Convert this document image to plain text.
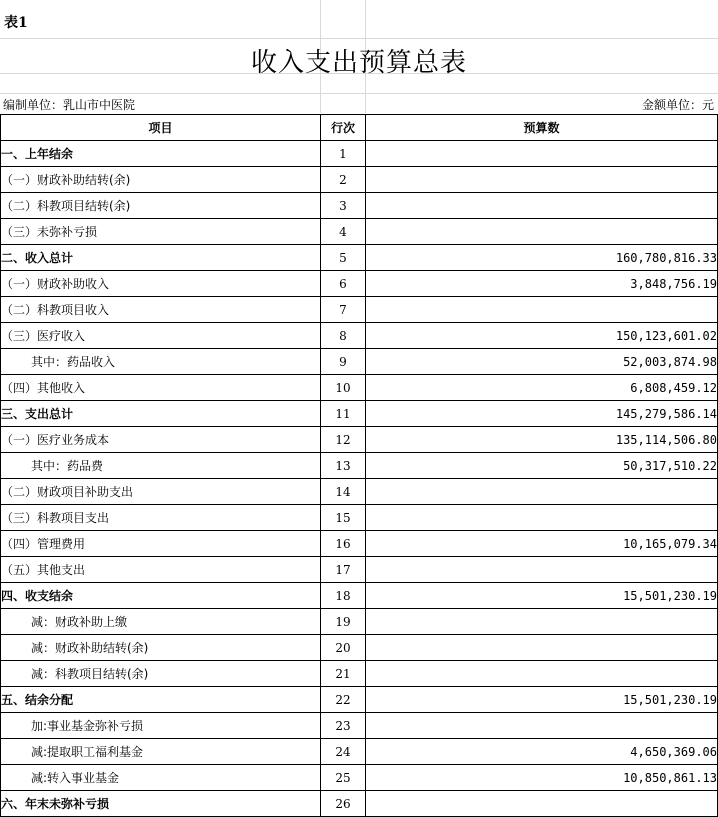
表1
收入支出预算总表
编制单位：乳山市中医院	金额单位：元
项目	行次	预算数
一、上年结余	1	
（一）财政补助结转(余)	2	
（二）科教项目结转(余)	3	
（三）未弥补亏损	4	
二、收入总计	5	160,780,816.33
（一）财政补助收入	6	3,848,756.19
（二）科教项目收入	7	
（三）医疗收入	8	150,123,601.02
其中：药品收入	9	52,003,874.98
（四）其他收入	10	6,808,459.12
三、支出总计	11	145,279,586.14
（一）医疗业务成本	12	135,114,506.80
其中：药品费	13	50,317,510.22
（二）财政项目补助支出	14	
（三）科教项目支出	15	
（四）管理费用	16	10,165,079.34
（五）其他支出	17	
四、收支结余	18	15,501,230.19
减：财政补助上缴	19	
减：财政补助结转(余)	20	
减：科教项目结转(余)	21	
五、结余分配	22	15,501,230.19
加:事业基金弥补亏损	23	
减:提取职工福利基金	24	4,650,369.06
减:转入事业基金	25	10,850,861.13
六、年末未弥补亏损	26	
